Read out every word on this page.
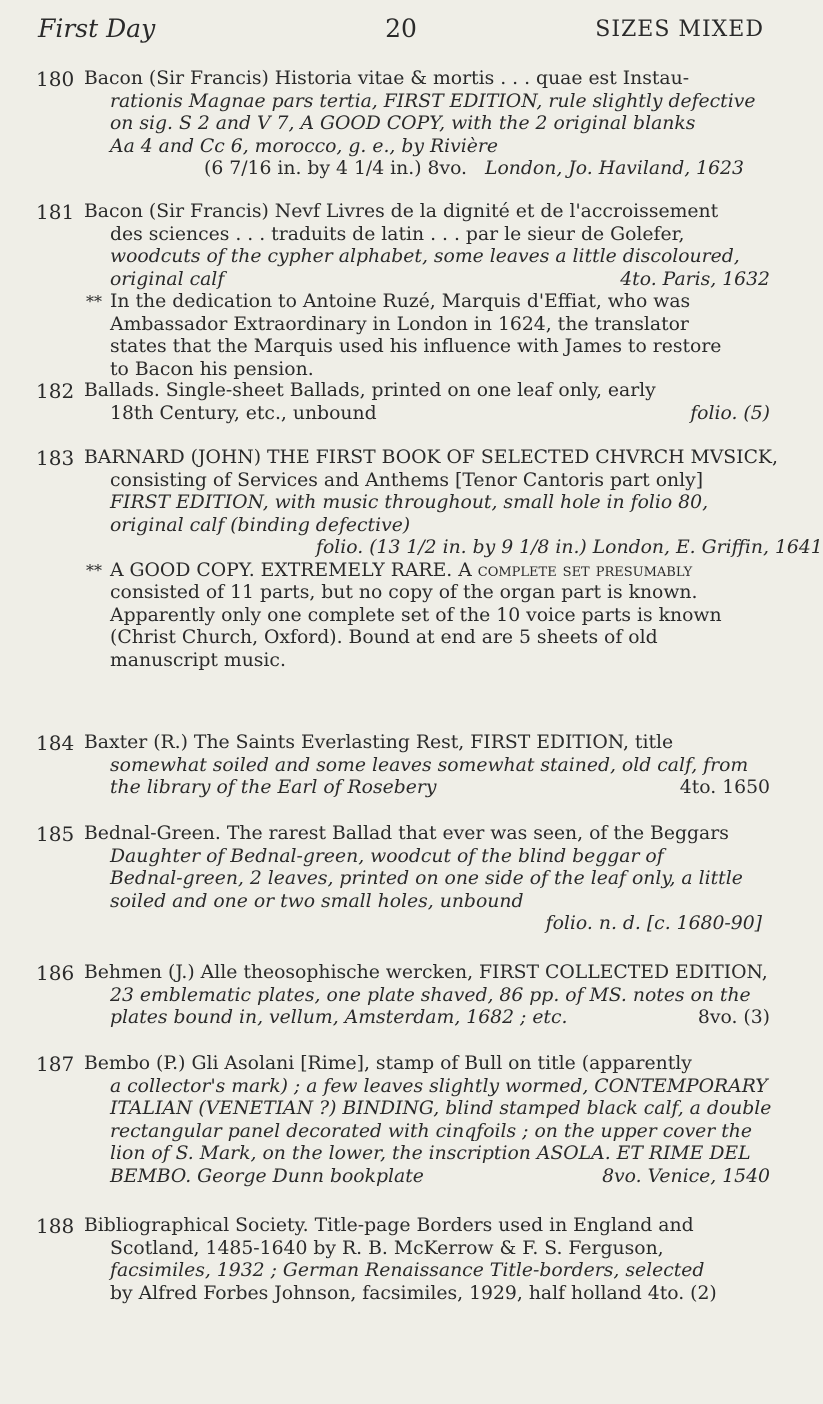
First Day	20	SIZES MIXED
180 Bacon (Sir Francis) Historia vitae & mortis . . . quae est Instau-
rationis Magnae pars tertia, FIRST EDITION, rule slightly defective
on sig. S 2 and V 7, A GOOD COPY, with the 2 original blanks
Aa 4 and Cc 6, morocco, g. e., by Rivière
(6 7/16 in. by 4 1/4 in.) 8vo. London, Jo. Haviland, 1623
181 Bacon (Sir Francis) Nevf Livres de la dignité et de l'accroissement
des sciences . . . traduits de latin . . . par le sieur de Golefer,
woodcuts of the cypher alphabet, some leaves a little discoloured,
original calf	4to. Paris, 1632
** In the dedication to Antoine Ruzé, Marquis d'Effiat, who was
Ambassador Extraordinary in London in 1624, the translator
states that the Marquis used his influence with James to restore
to Bacon his pension.
182 Ballads. Single-sheet Ballads, printed on one leaf only, early
18th Century, etc., unbound	folio. (5)
183 BARNARD (JOHN) THE FIRST BOOK OF SELECTED CHVRCH MVSICK,
consisting of Services and Anthems [Tenor Cantoris part only]
FIRST EDITION, with music throughout, small hole in folio 80,
original calf (binding defective)
folio. (13 1/2 in. by 9 1/8 in.) London, E. Griffin, 1641
** A GOOD COPY. EXTREMELY RARE. A complete set presumably
consisted of 11 parts, but no copy of the organ part is known.
Apparently only one complete set of the 10 voice parts is known
(Christ Church, Oxford). Bound at end are 5 sheets of old
manuscript music.
184 Baxter (R.) The Saints Everlasting Rest, FIRST EDITION, title
somewhat soiled and some leaves somewhat stained, old calf, from
the library of the Earl of Rosebery	4to. 1650
185 Bednal-Green. The rarest Ballad that ever was seen, of the Beggars
Daughter of Bednal-green, woodcut of the blind beggar of
Bednal-green, 2 leaves, printed on one side of the leaf only, a little
soiled and one or two small holes, unbound
folio. n. d. [c. 1680-90]
186 Behmen (J.) Alle theosophische wercken, FIRST COLLECTED EDITION,
23 emblematic plates, one plate shaved, 86 pp. of MS. notes on the
plates bound in, vellum, Amsterdam, 1682 ; etc.	8vo. (3)
187 Bembo (P.) Gli Asolani [Rime], stamp of Bull on title (apparently
a collector's mark) ; a few leaves slightly wormed, CONTEMPORARY
ITALIAN (VENETIAN ?) BINDING, blind stamped black calf, a double
rectangular panel decorated with cinqfoils ; on the upper cover the
lion of S. Mark, on the lower, the inscription ASOLA. ET RIME DEL
BEMBO. George Dunn bookplate	8vo. Venice, 1540
188 Bibliographical Society. Title-page Borders used in England and
Scotland, 1485-1640 by R. B. McKerrow & F. S. Ferguson,
facsimiles, 1932 ; German Renaissance Title-borders, selected
by Alfred Forbes Johnson, facsimiles, 1929, half holland 4to. (2)
